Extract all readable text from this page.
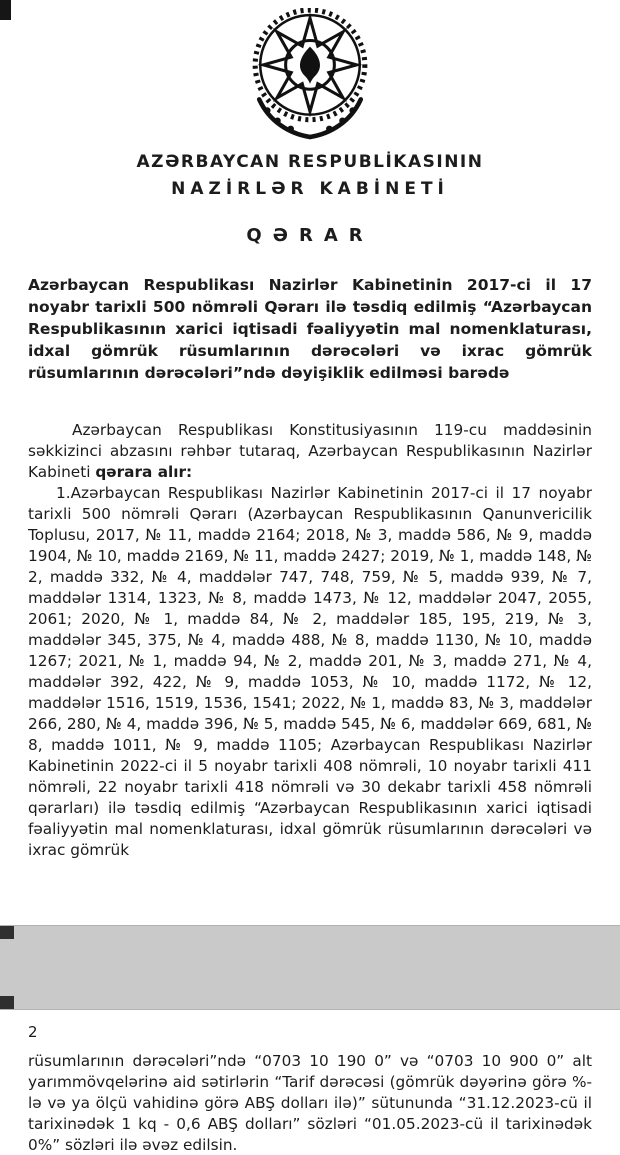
AZƏRBAYCAN RESPUBLİKASININ
NAZİRLƏR KABİNETİ
QƏRAR

Azərbaycan Respublikası Nazirlər Kabinetinin 2017-ci il 17 noyabr tarixli 500 nömrəli Qərarı ilə təsdiq edilmiş “Azərbaycan Respublikasının xarici iqtisadi fəaliyyətin mal nomenklaturası, idxal gömrük rüsumlarının dərəcələri və ixrac gömrük rüsumlarının dərəcələri”ndə dəyişiklik edilməsi barədə

Azərbaycan Respublikası Konstitusiyasının 119-cu maddəsinin səkkizinci abzasını rəhbər tutaraq, Azərbaycan Respublikasının Nazirlər Kabineti qərara alır:

1.Azərbaycan Respublikası Nazirlər Kabinetinin 2017-ci il 17 noyabr tarixli 500 nömrəli Qərarı (Azərbaycan Respublikasının Qanunvericilik Toplusu, 2017, № 11, maddə 2164; 2018, № 3, maddə 586, № 9, maddə 1904, № 10, maddə 2169, № 11, maddə 2427; 2019, № 1, maddə 148, № 2, maddə 332, № 4, maddələr 747, 748, 759, № 5, maddə 939, № 7, maddələr 1314, 1323, № 8, maddə 1473, № 12, maddələr 2047, 2055, 2061; 2020, № 1, maddə 84, № 2, maddələr 185, 195, 219, № 3, maddələr 345, 375, № 4, maddə 488, № 8, maddə 1130, № 10, maddə 1267; 2021, № 1, maddə 94, № 2, maddə 201, № 3, maddə 271, № 4, maddələr 392, 422, № 9, maddə 1053, № 10, maddə 1172, № 12, maddələr 1516, 1519, 1536, 1541; 2022, № 1, maddə 83, № 3, maddələr 266, 280, № 4, maddə 396, № 5, maddə 545, № 6, maddələr 669, 681, № 8, maddə 1011, № 9, maddə 1105; Azərbaycan Respublikası Nazirlər Kabinetinin 2022-ci il 5 noyabr tarixli 408 nömrəli, 10 noyabr tarixli 411 nömrəli, 22 noyabr tarixli 418 nömrəli və 30 dekabr tarixli 458 nömrəli qərarları) ilə təsdiq edilmiş “Azərbaycan Respublikasının xarici iqtisadi fəaliyyətin mal nomenklaturası, idxal gömrük rüsumlarının dərəcələri və ixrac gömrük

2

rüsumlarının dərəcələri”ndə “0703 10 190 0” və “0703 10 900 0” alt yarımmövqelərinə aid sətirlərin “Tarif dərəcəsi (gömrük dəyərinə görə %-lə və ya ölçü vahidinə görə ABŞ dolları ilə)” sütununda “31.12.2023-cü il tarixinədək 1 kq - 0,6 ABŞ dolları” sözləri “01.05.2023-cü il tarixinədək 0%” sözləri ilə əvəz edilsin.
